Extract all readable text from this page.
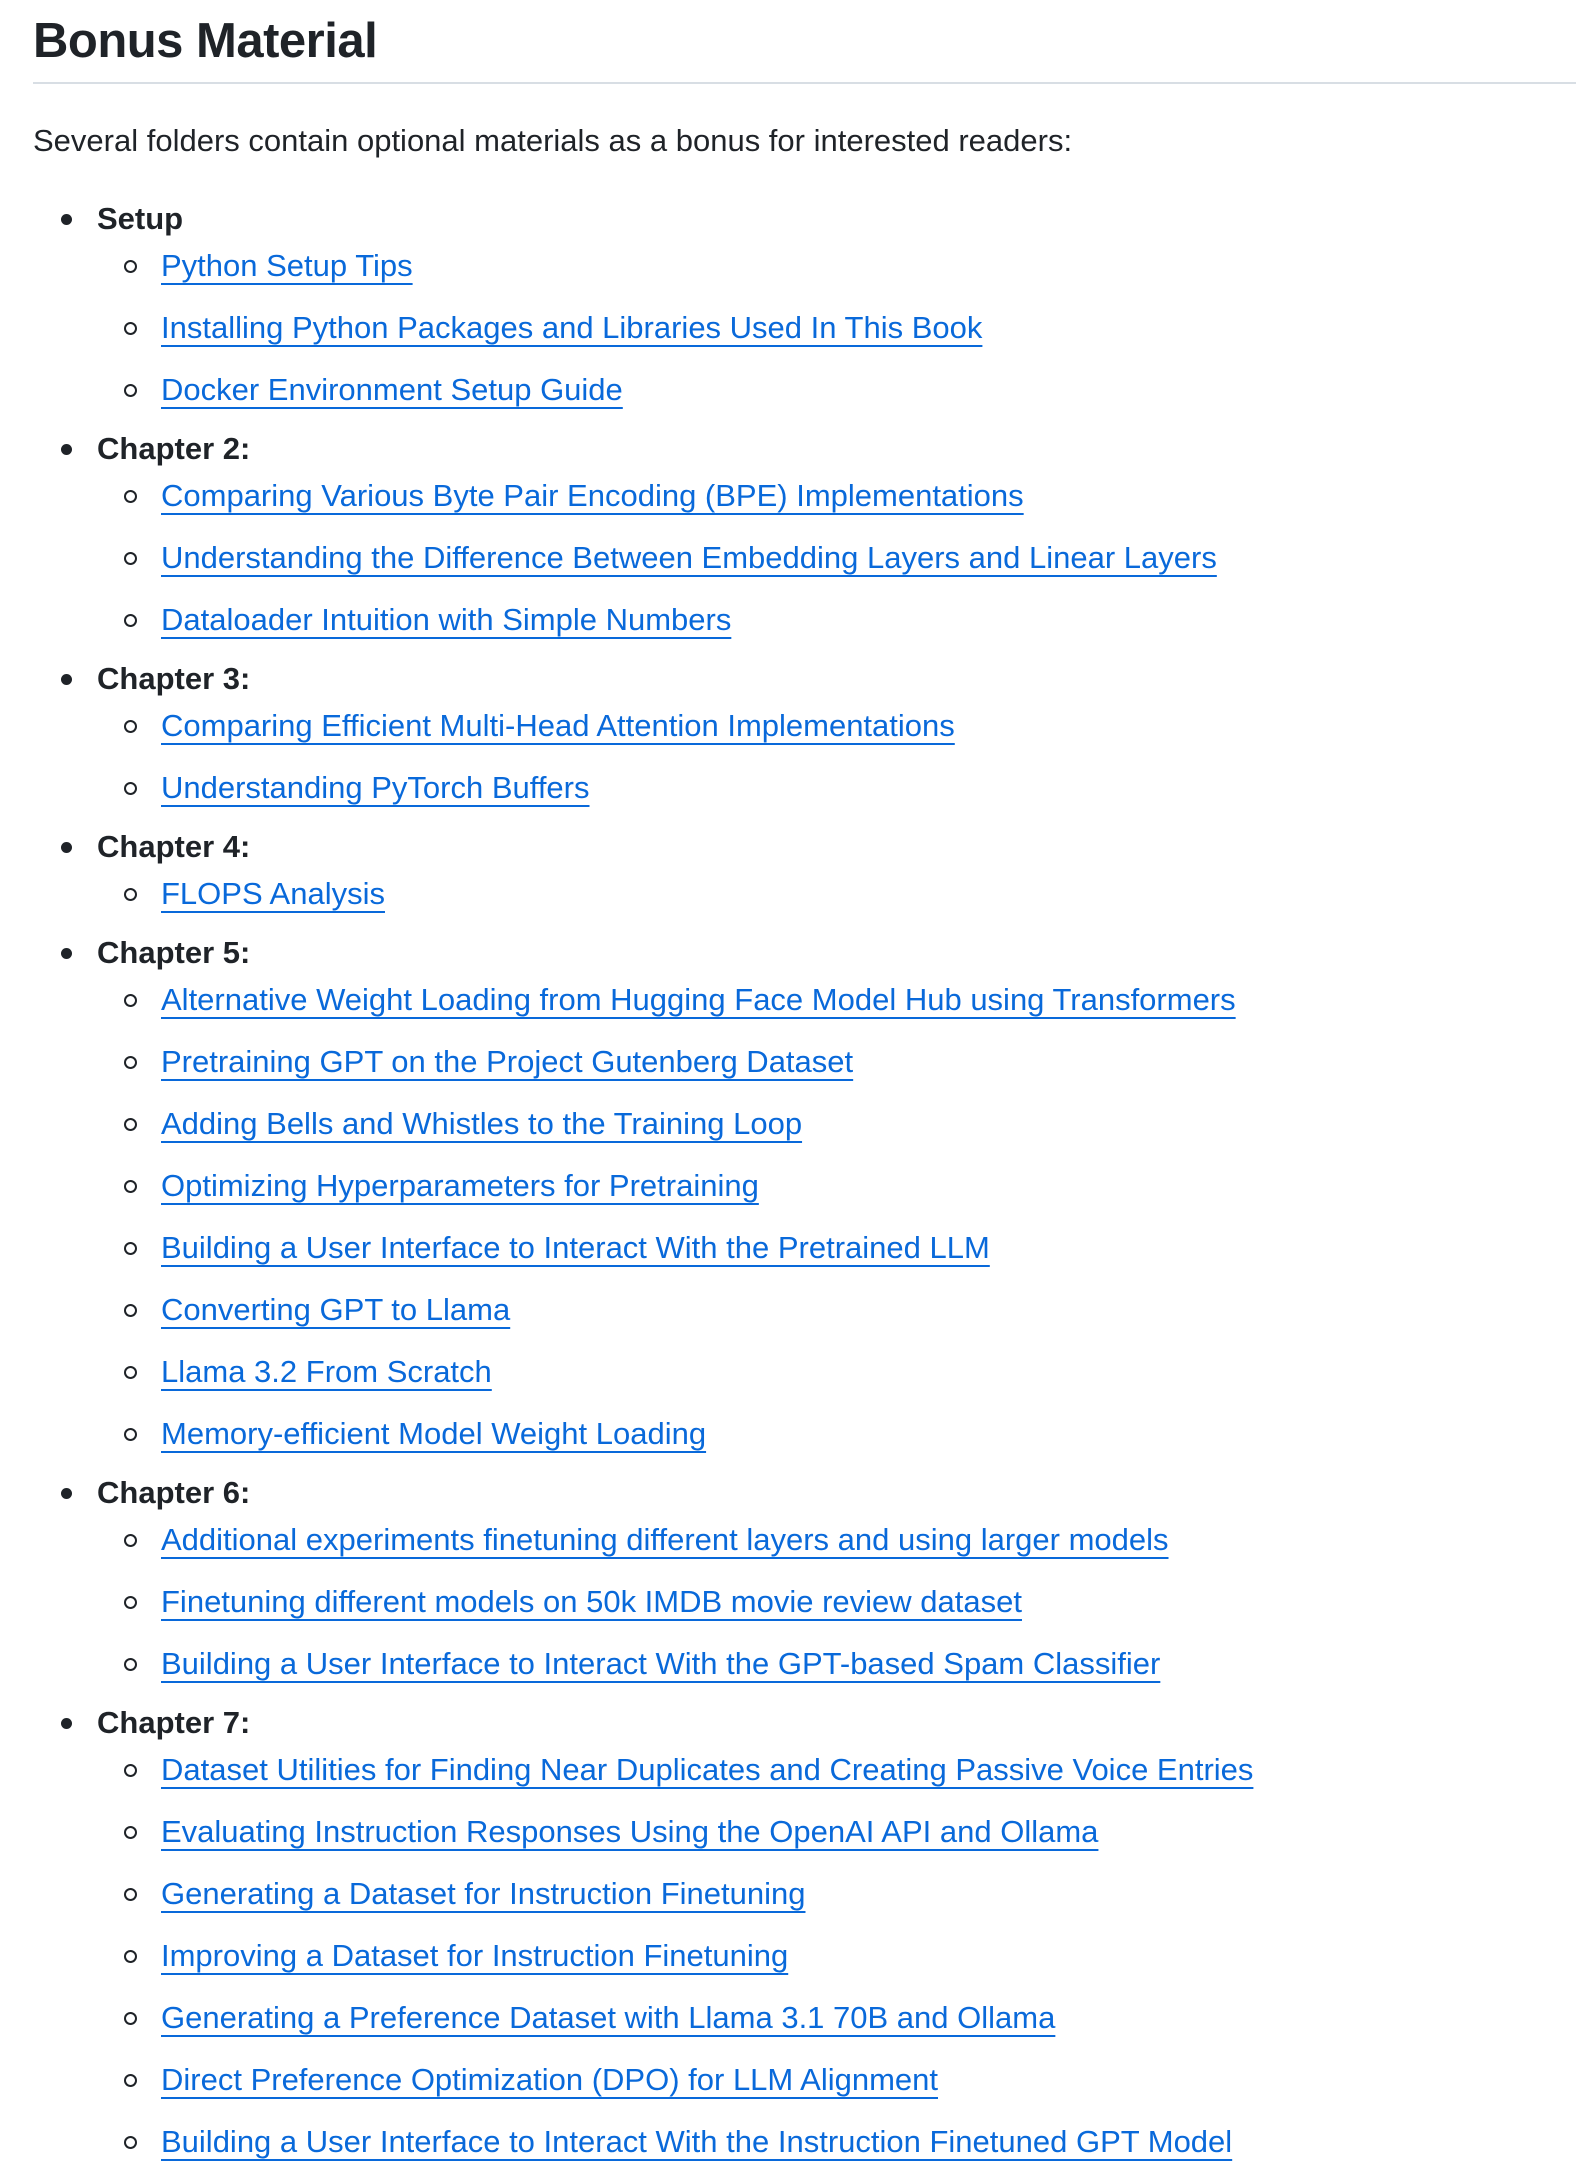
Bonus Material

Several folders contain optional materials as a bonus for interested readers:

Setup
Python Setup Tips
Installing Python Packages and Libraries Used In This Book
Docker Environment Setup Guide
Chapter 2:
Comparing Various Byte Pair Encoding (BPE) Implementations
Understanding the Difference Between Embedding Layers and Linear Layers
Dataloader Intuition with Simple Numbers
Chapter 3:
Comparing Efficient Multi-Head Attention Implementations
Understanding PyTorch Buffers
Chapter 4:
FLOPS Analysis
Chapter 5:
Alternative Weight Loading from Hugging Face Model Hub using Transformers
Pretraining GPT on the Project Gutenberg Dataset
Adding Bells and Whistles to the Training Loop
Optimizing Hyperparameters for Pretraining
Building a User Interface to Interact With the Pretrained LLM
Converting GPT to Llama
Llama 3.2 From Scratch
Memory-efficient Model Weight Loading
Chapter 6:
Additional experiments finetuning different layers and using larger models
Finetuning different models on 50k IMDB movie review dataset
Building a User Interface to Interact With the GPT-based Spam Classifier
Chapter 7:
Dataset Utilities for Finding Near Duplicates and Creating Passive Voice Entries
Evaluating Instruction Responses Using the OpenAI API and Ollama
Generating a Dataset for Instruction Finetuning
Improving a Dataset for Instruction Finetuning
Generating a Preference Dataset with Llama 3.1 70B and Ollama
Direct Preference Optimization (DPO) for LLM Alignment
Building a User Interface to Interact With the Instruction Finetuned GPT Model
